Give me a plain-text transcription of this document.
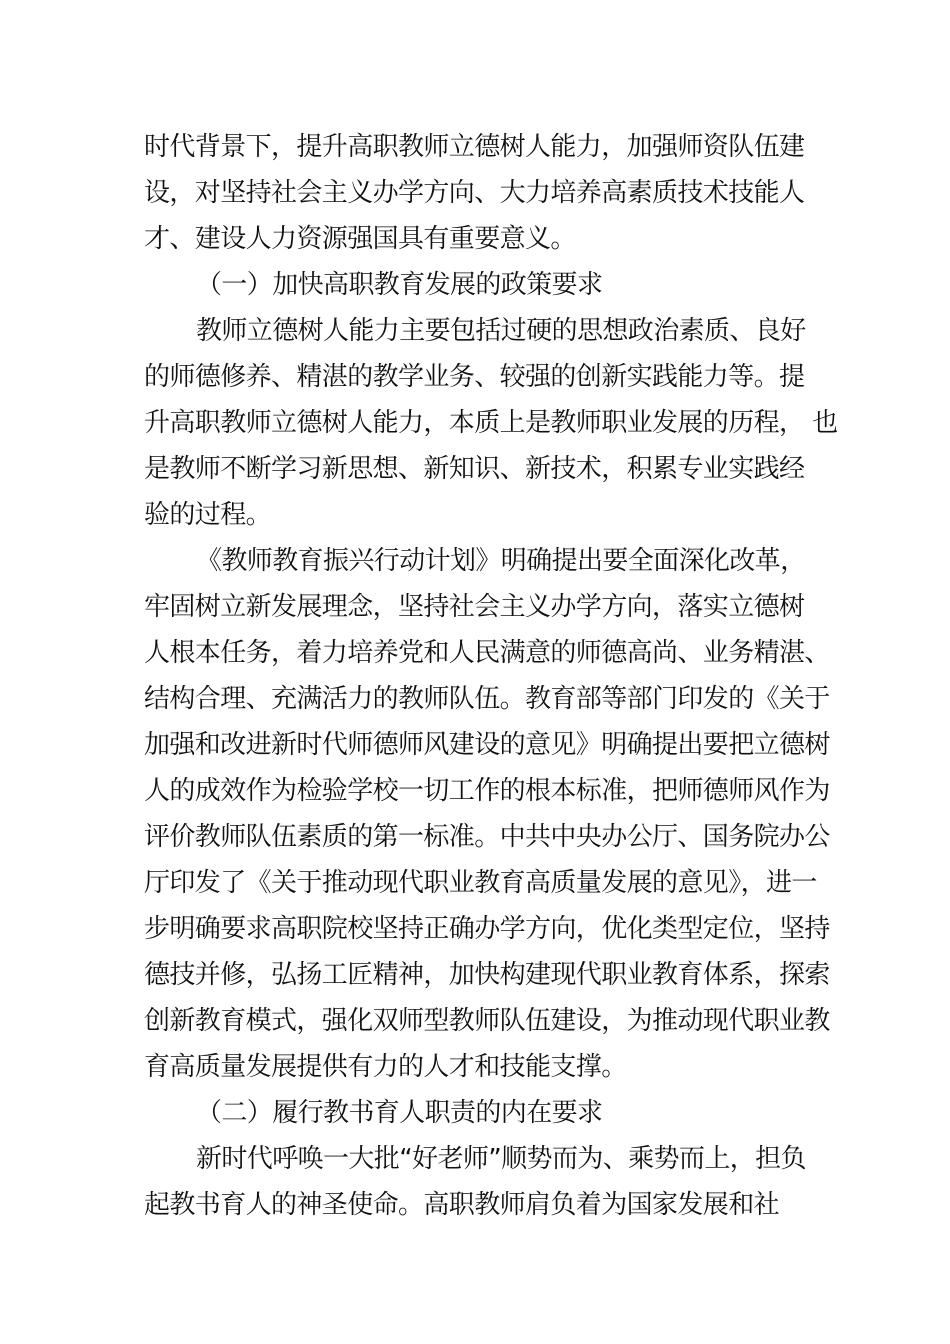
时代背景下，提升高职教师立德树人能力，加强师资队伍建
设，对坚持社会主义办学方向、大力培养高素质技术技能人
才、建设人力资源强国具有重要意义。
（一）加快高职教育发展的政策要求
教师立德树人能力主要包括过硬的思想政治素质、良好
的师德修养、精湛的教学业务、较强的创新实践能力等。提
升高职教师立德树人能力，本质上是教师职业发展的历程， 也
是教师不断学习新思想、新知识、新技术，积累专业实践经
验的过程。
《教师教育振兴行动计划》明确提出要全面深化改革，
牢固树立新发展理念，坚持社会主义办学方向，落实立德树
人根本任务，着力培养党和人民满意的师德高尚、业务精湛、
结构合理、充满活力的教师队伍。教育部等部门印发的《关于
加强和改进新时代师德师风建设的意见》明确提出要把立德树
人的成效作为检验学校一切工作的根本标准，把师德师风作为
评价教师队伍素质的第一标准。中共中央办公厅、国务院办公
厅印发了《关于推动现代职业教育高质量发展的意见》，进一
步明确要求高职院校坚持正确办学方向，优化类型定位，坚持
德技并修，弘扬工匠精神，加快构建现代职业教育体系，探索
创新教育模式，强化双师型教师队伍建设，为推动现代职业教
育高质量发展提供有力的人才和技能支撑。
（二）履行教书育人职责的内在要求
新时代呼唤一大批“好老师”顺势而为、乘势而上，担负
起教书育人的神圣使命。高职教师肩负着为国家发展和社
